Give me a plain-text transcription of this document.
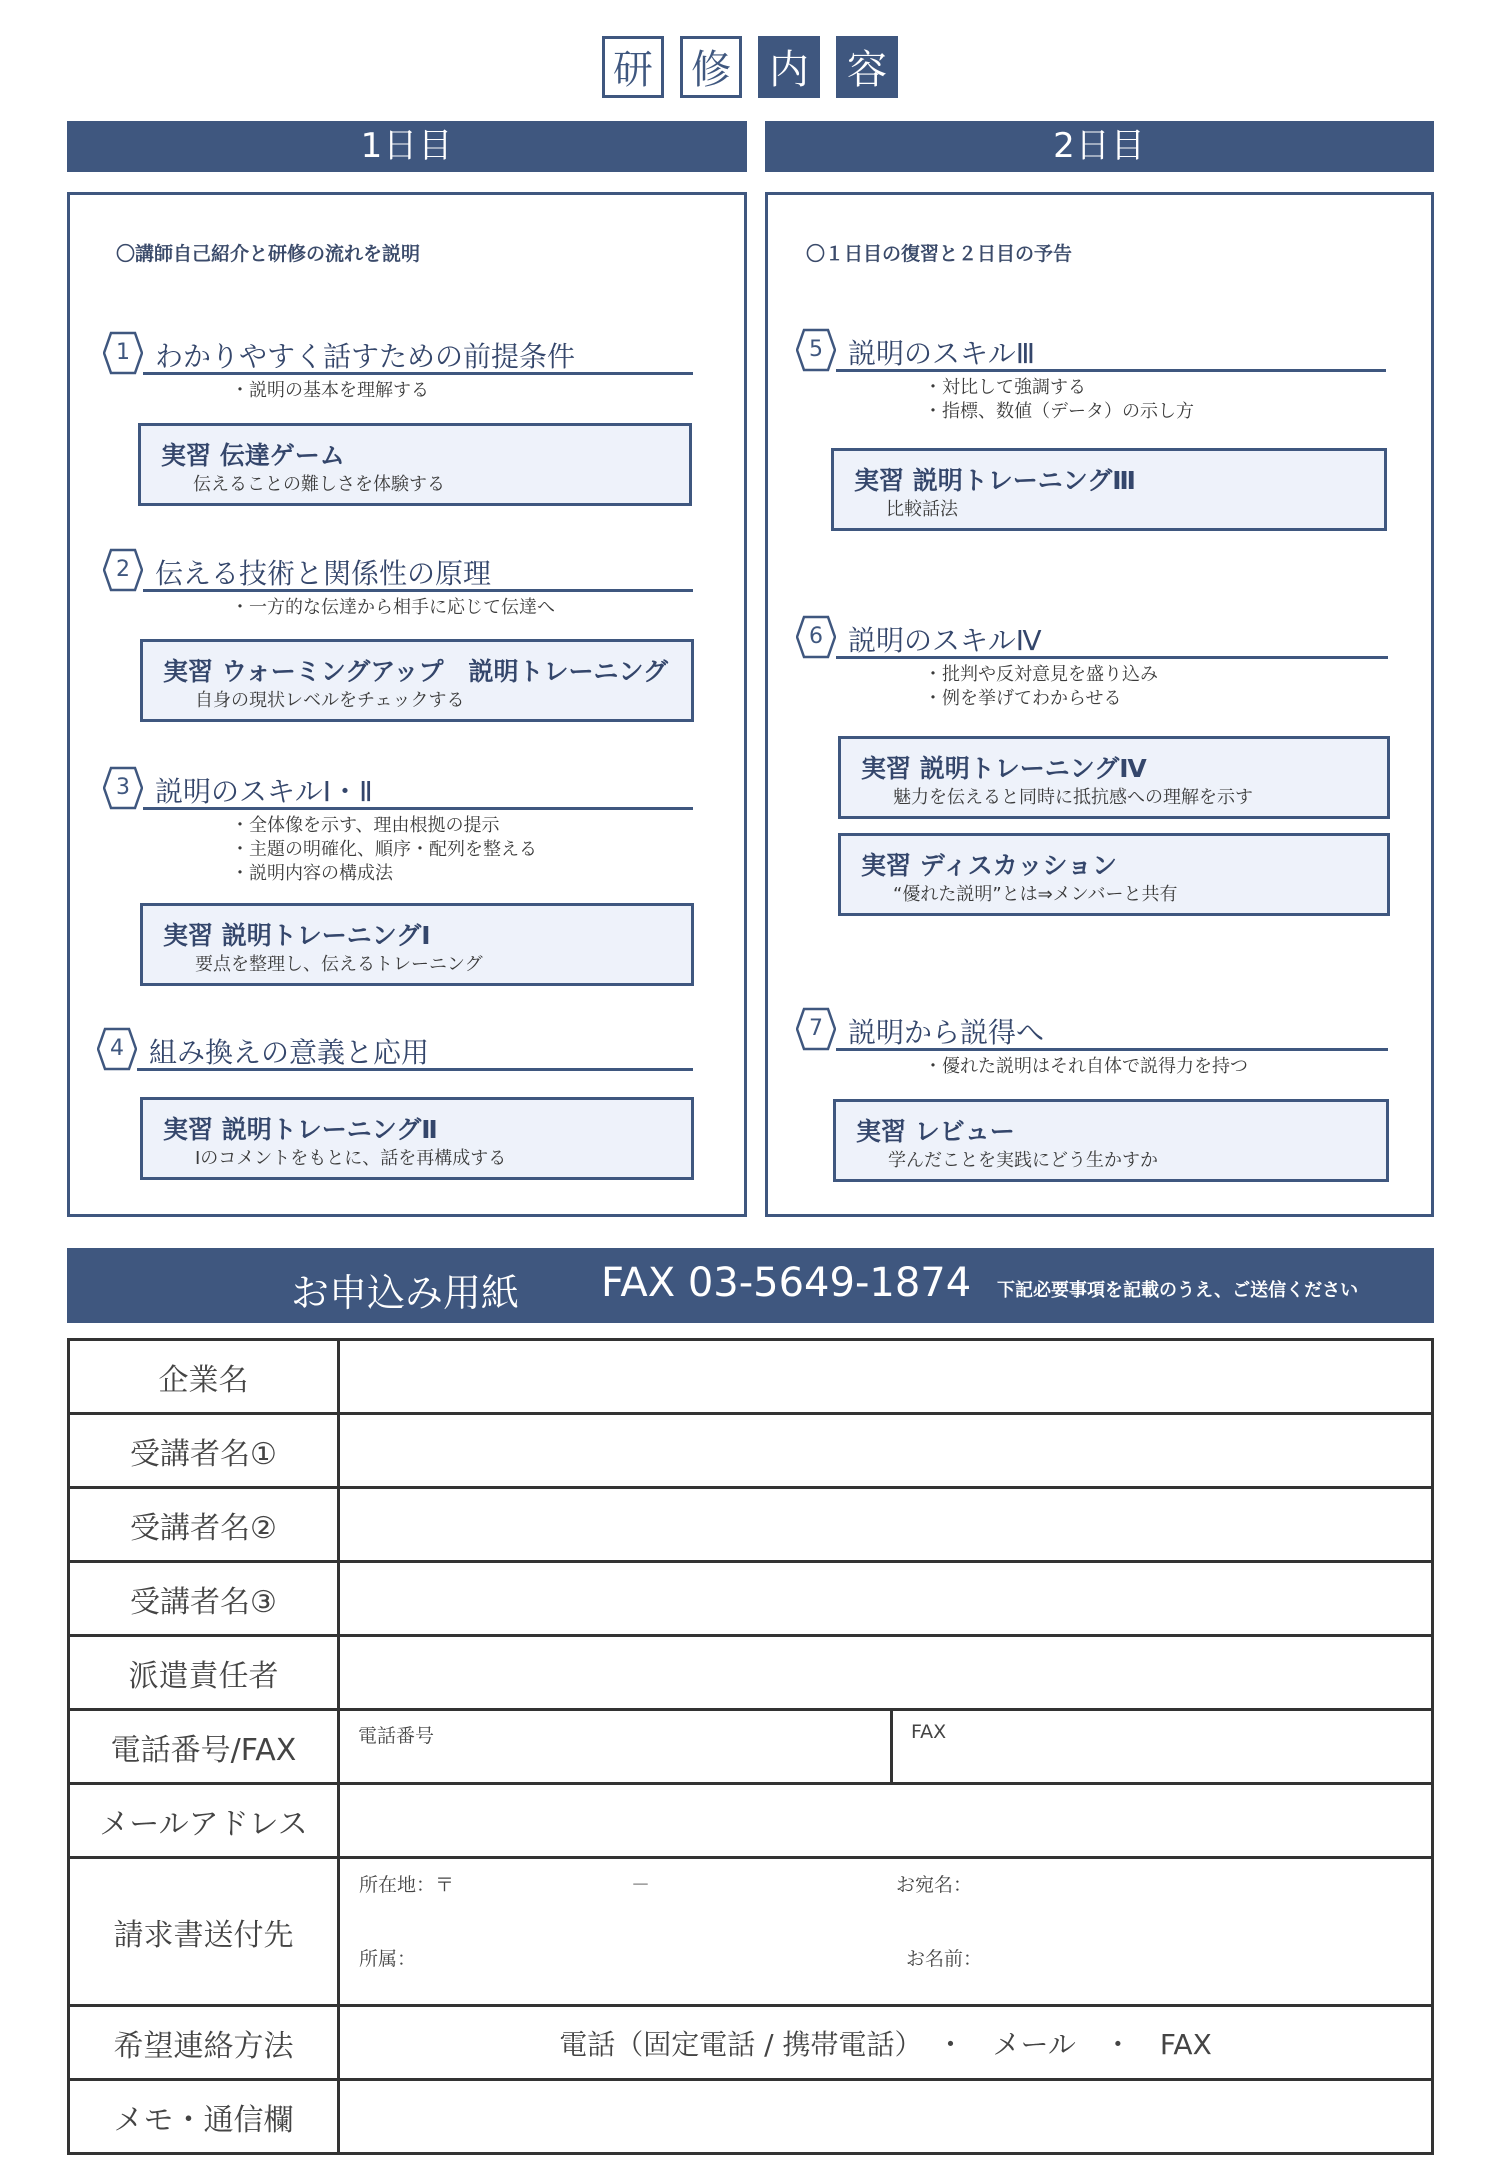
研 修 内 容
1日目	2日目
〇講師自己紹介と研修の流れを説明
1 わかりやすく話すための前提条件
・説明の基本を理解する
実習 伝達ゲーム
伝えることの難しさを体験する
2 伝える技術と関係性の原理
・一方的な伝達から相手に応じて伝達へ
実習 ウォーミングアップ　説明トレーニング
自身の現状レベルをチェックする
3 説明のスキルⅠ・Ⅱ
・全体像を示す、理由根拠の提示
・主題の明確化、順序・配列を整える
・説明内容の構成法
実習 説明トレーニングⅠ
要点を整理し、伝えるトレーニング
4 組み換えの意義と応用
実習 説明トレーニングⅡ
Ⅰのコメントをもとに、話を再構成する
〇１日目の復習と２日目の予告
5 説明のスキルⅢ
・対比して強調する
・指標、数値（データ）の示し方
実習 説明トレーニングⅢ
比較話法
6 説明のスキルⅣ
・批判や反対意見を盛り込み
・例を挙げてわからせる
実習 説明トレーニングⅣ
魅力を伝えると同時に抵抗感への理解を示す
実習 ディスカッション
“優れた説明”とは⇒メンバーと共有
7 説明から説得へ
・優れた説明はそれ自体で説得力を持つ
実習 レビュー
学んだことを実践にどう生かすか
お申込み用紙 FAX 03-5649-1874 下記必要事項を記載のうえ、ご送信ください
企業名		
受講者名①		
受講者名②		
受講者名③		
派遣責任者		
電話番号/FAX	電話番号	FAX
メールアドレス		
請求書送付先	所在地：〒 － お宛名：
所属： お名前：	

希望連絡方法	電話（固定電話 / 携帯電話）　・　メール　・　FAX	
メモ・通信欄		
